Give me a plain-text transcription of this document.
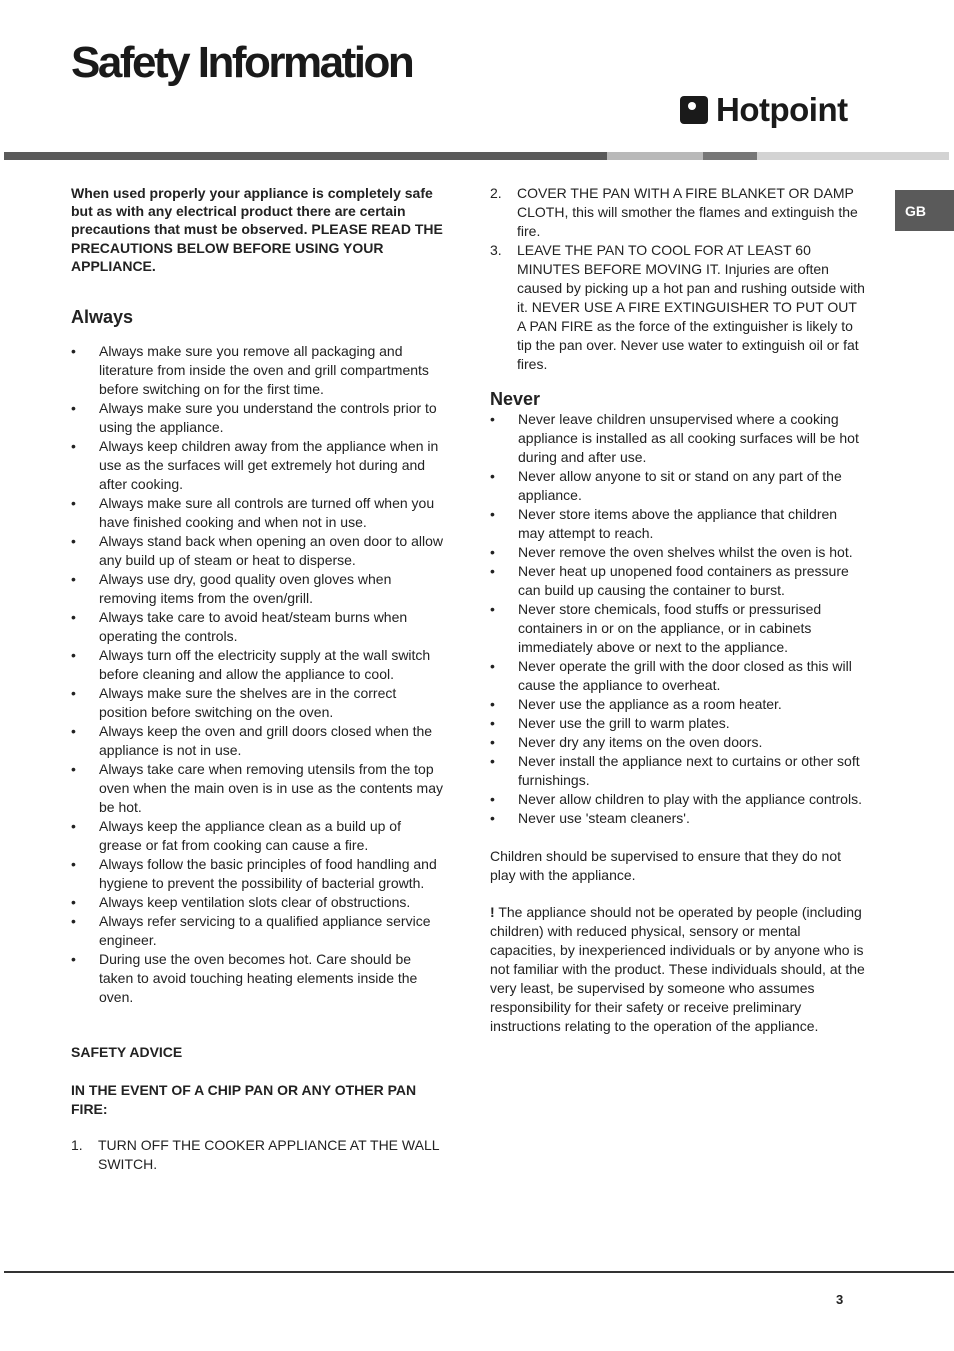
Safety Information
Hotpoint
GB

When used properly your appliance is completely safe but as with any electrical product there are certain precautions that must be observed. PLEASE READ THE PRECAUTIONS BELOW BEFORE USING YOUR APPLIANCE.

Always
• Always make sure you remove all packaging and literature from inside the oven and grill compartments before switching on for the first time.
• Always make sure you understand the controls prior to using the appliance.
• Always keep children away from the appliance when in use as the surfaces will get extremely hot during and after cooking.
• Always make sure all controls are turned off when you have finished cooking and when not in use.
• Always stand back when opening an oven door to allow any build up of steam or heat to disperse.
• Always use dry, good quality oven gloves when removing items from the oven/grill.
• Always take care to avoid heat/steam burns when operating the controls.
• Always turn off the electricity supply at the wall switch before cleaning and allow the appliance to cool.
• Always make sure the shelves are in the correct position before switching on the oven.
• Always keep the oven and grill doors closed when the appliance is not in use.
• Always take care when removing utensils from the top oven when the main oven is in use as the contents may be hot.
• Always keep the appliance clean as a build up of grease or fat from cooking can cause a fire.
• Always follow the basic principles of food handling and hygiene to prevent the possibility of bacterial growth.
• Always keep ventilation slots clear of obstructions.
• Always refer servicing to a qualified appliance service engineer.
• During use the oven becomes hot. Care should be taken to avoid touching heating elements inside the oven.

SAFETY ADVICE

IN THE EVENT OF A CHIP PAN OR ANY OTHER PAN FIRE:

1. TURN OFF THE COOKER APPLIANCE AT THE WALL SWITCH.
2. COVER THE PAN WITH A FIRE BLANKET OR DAMP CLOTH, this will smother the flames and extinguish the fire.
3. LEAVE THE PAN TO COOL FOR AT LEAST 60 MINUTES BEFORE MOVING IT. Injuries are often caused by picking up a hot pan and rushing outside with it. NEVER USE A FIRE EXTINGUISHER TO PUT OUT A PAN FIRE as the force of the extinguisher is likely to tip the pan over. Never use water to extinguish oil or fat fires.
Never
• Never leave children unsupervised where a cooking appliance is installed as all cooking surfaces will be hot during and after use.
• Never allow anyone to sit or stand on any part of the appliance.
• Never store items above the appliance that children may attempt to reach.
• Never remove the oven shelves whilst the oven is hot.
• Never heat up unopened food containers as pressure can build up causing the container to burst.
• Never store chemicals, food stuffs or pressurised containers in or on the appliance, or in cabinets immediately above or next to the appliance.
• Never operate the grill with the door closed as this will cause the appliance to overheat.
• Never use the appliance as a room heater.
• Never use the grill to warm plates.
• Never dry any items on the oven doors.
• Never install the appliance next to curtains or other soft furnishings.
• Never allow children to play with the appliance controls.
• Never use 'steam cleaners'.

Children should be supervised to ensure that they do not play with the appliance.

! The appliance should not be operated by people (including children) with reduced physical, sensory or mental capacities, by inexperienced individuals or by anyone who is not familiar with the product. These individuals should, at the very least, be supervised by someone who assumes responsibility for their safety or receive preliminary instructions relating to the operation of the appliance.

3
